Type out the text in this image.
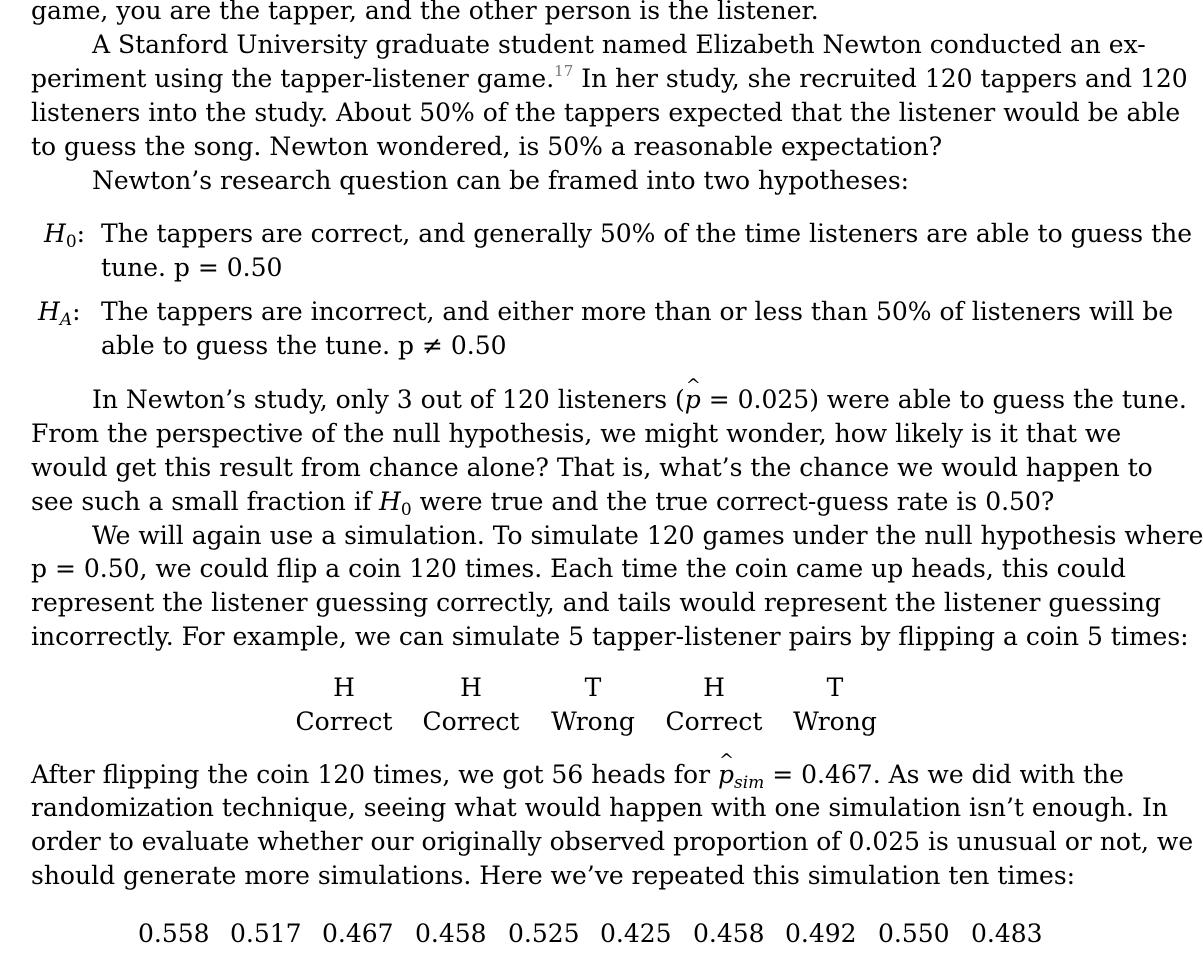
game, you are the tapper, and the other person is the listener.
A Stanford University graduate student named Elizabeth Newton conducted an ex-
periment using the tapper-listener game.$^{17}$ In her study, she recruited 120 tappers and 120
listeners into the study. About 50% of the tappers expected that the listener would be able
to guess the song. Newton wondered, is 50% a reasonable expectation?
Newton’s research question can be framed into two hypotheses:
$H_0$: The tappers are correct, and generally 50% of the time listeners are able to guess the
tune. p = 0.50
$H_A$: The tappers are incorrect, and either more than or less than 50% of listeners will be
able to guess the tune. p ≠ 0.50
In Newton’s study, only 3 out of 120 listeners (^ p = 0.025) were able to guess the tune.
From the perspective of the null hypothesis, we might wonder, how likely is it that we
would get this result from chance alone? That is, what’s the chance we would happen to
see such a small fraction if $H_0$ were true and the true correct-guess rate is 0.50?
We will again use a simulation. To simulate 120 games under the null hypothesis where
p = 0.50, we could flip a coin 120 times. Each time the coin came up heads, this could
represent the listener guessing correctly, and tails would represent the listener guessing
incorrectly. For example, we can simulate 5 tapper-listener pairs by flipping a coin 5 times:
H
Correct
H
Correct
T
Wrong
H
Correct
T
Wrong
After flipping the coin 120 times, we got 56 heads for ^ $p_{sim} = 0.467$. As we did with the
randomization technique, seeing what would happen with one simulation isn’t enough. In
order to evaluate whether our originally observed proportion of 0.025 is unusual or not, we
should generate more simulations. Here we’ve repeated this simulation ten times:
0.558 0.517 0.467 0.458 0.525 0.425 0.458 0.492 0.550 0.483
